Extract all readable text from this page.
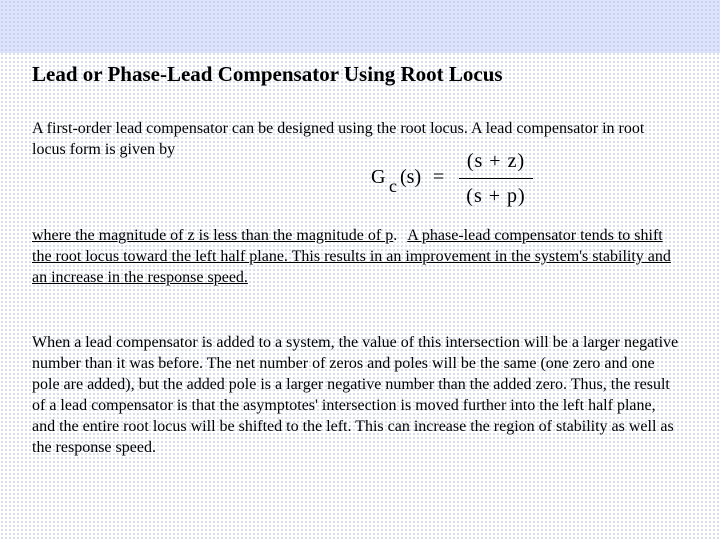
Lead or Phase-Lead Compensator Using Root Locus

A first-order lead compensator can be designed using the root locus. A lead compensator in root locus form is given by

G c (s) =
(s + z)
(s + p)

where the magnitude of z is less than the magnitude of p. A phase-lead compensator tends to shift the root locus toward the left half plane. This results in an improvement in the system's stability and an increase in the response speed.

When a lead compensator is added to a system, the value of this intersection will be a larger negative number than it was before. The net number of zeros and poles will be the same (one zero and one pole are added), but the added pole is a larger negative number than the added zero. Thus, the result of a lead compensator is that the asymptotes' intersection is moved further into the left half plane, and the entire root locus will be shifted to the left. This can increase the region of stability as well as the response speed.
